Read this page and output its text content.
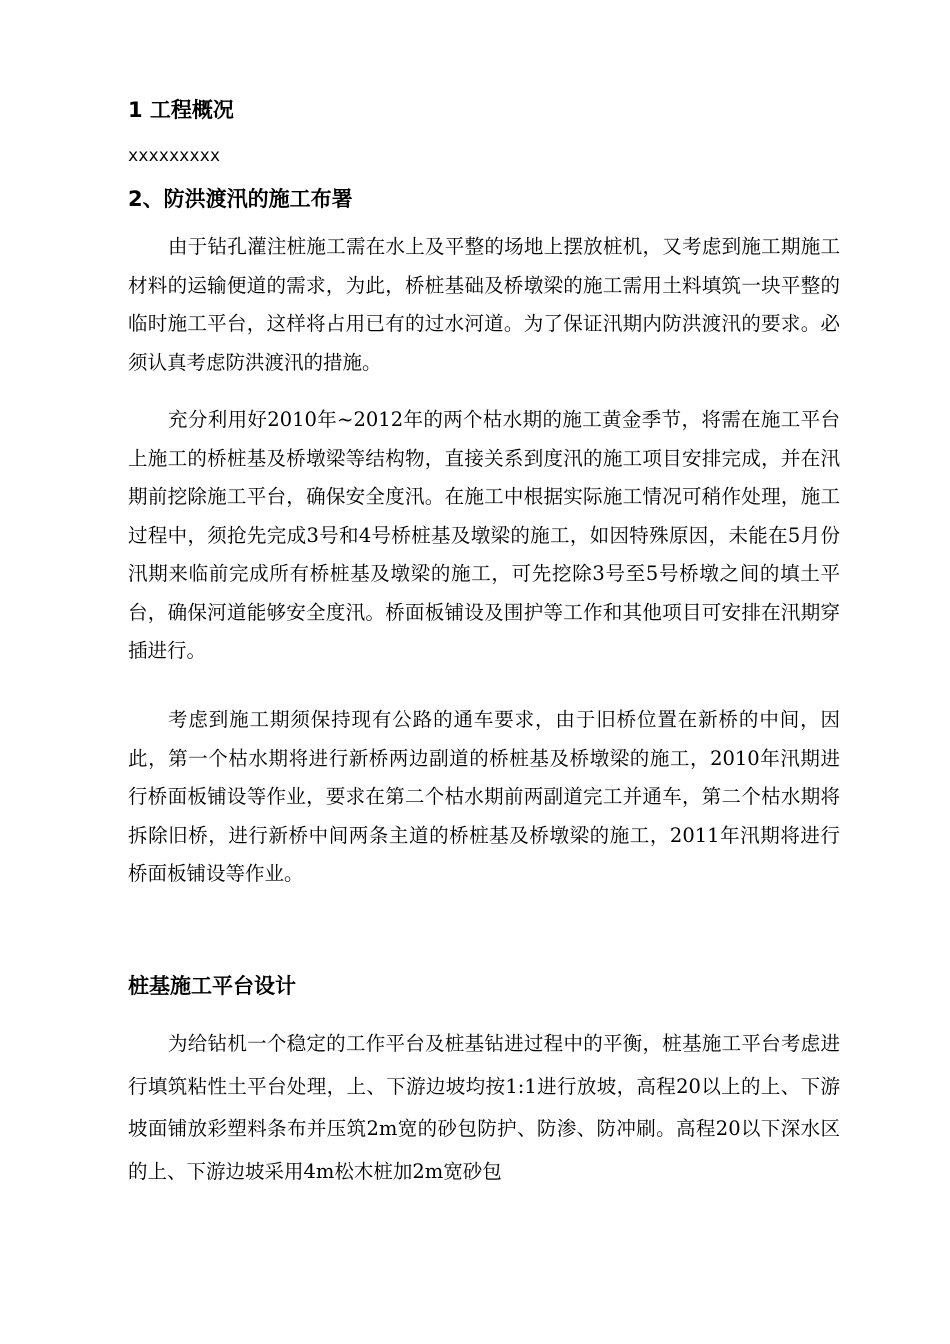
1 工程概况
xxxxxxxxx
2、防洪渡汛的施工布署

由于钻孔灌注桩施工需在水上及平整的场地上摆放桩机，又考虑到施工期施工材料的运输便道的需求，为此，桥桩基础及桥墩梁的施工需用土料填筑一块平整的临时施工平台，这样将占用已有的过水河道。为了保证汛期内防洪渡汛的要求。必须认真考虑防洪渡汛的措施。

充分利用好2010年~2012年的两个枯水期的施工黄金季节，将需在施工平台上施工的桥桩基及桥墩梁等结构物，直接关系到度汛的施工项目安排完成，并在汛期前挖除施工平台，确保安全度汛。在施工中根据实际施工情况可稍作处理，施工过程中，须抢先完成3号和4号桥桩基及墩梁的施工，如因特殊原因，未能在5月份汛期来临前完成所有桥桩基及墩梁的施工，可先挖除3号至5号桥墩之间的填土平台，确保河道能够安全度汛。桥面板铺设及围护等工作和其他项目可安排在汛期穿插进行。

考虑到施工期须保持现有公路的通车要求，由于旧桥位置在新桥的中间，因此，第一个枯水期将进行新桥两边副道的桥桩基及桥墩梁的施工，2010年汛期进行桥面板铺设等作业，要求在第二个枯水期前两副道完工并通车，第二个枯水期将拆除旧桥，进行新桥中间两条主道的桥桩基及桥墩梁的施工，2011年汛期将进行桥面板铺设等作业。

桩基施工平台设计

为给钻机一个稳定的工作平台及桩基钻进过程中的平衡，桩基施工平台考虑进行填筑粘性土平台处理，上、下游边坡均按1:1进行放坡，高程20以上的上、下游坡面铺放彩塑料条布并压筑2m宽的砂包防护、防渗、防冲刷。高程20以下深水区的上、下游边坡采用4m松木桩加2m宽砂包
